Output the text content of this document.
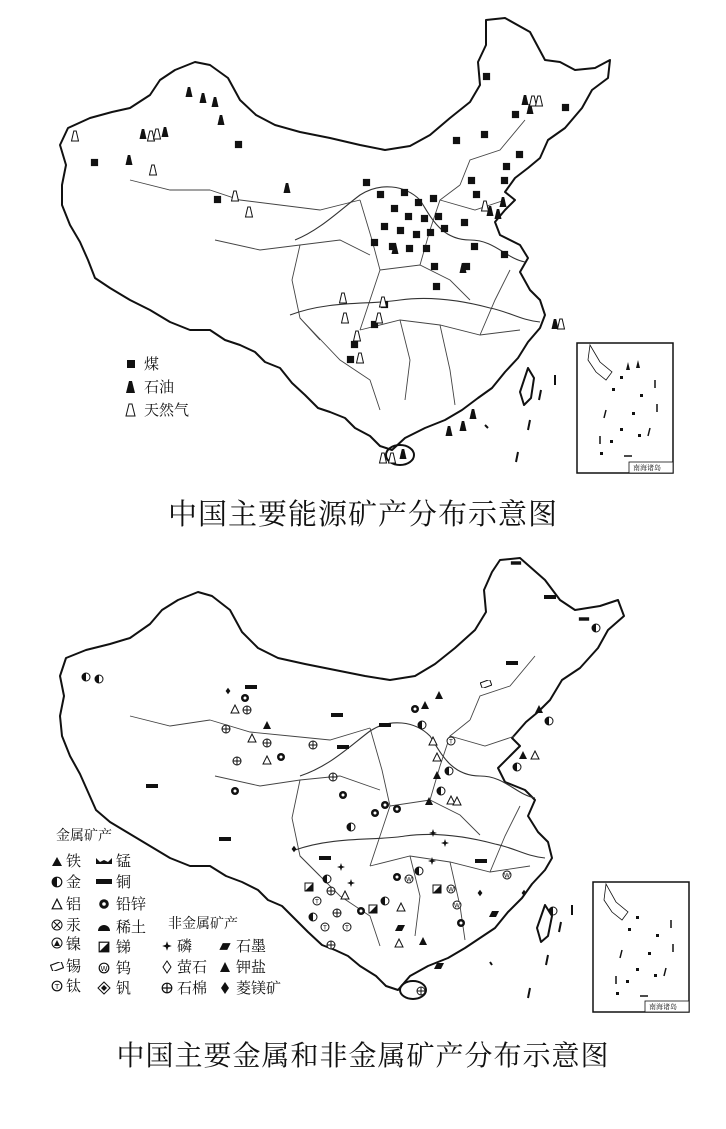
煤
石油
天然气
南海诸岛
中国主要能源矿产分布示意图
金属矿产
铁 锰
金 铜
铝 铅锌
汞 稀土
镍 锑
锡 钨
钛 钒
非金属矿产
磷	石墨
萤石 钾盐
石棉 菱镁矿
南海诸岛
中国主要金属和非金属矿产分布示意图
